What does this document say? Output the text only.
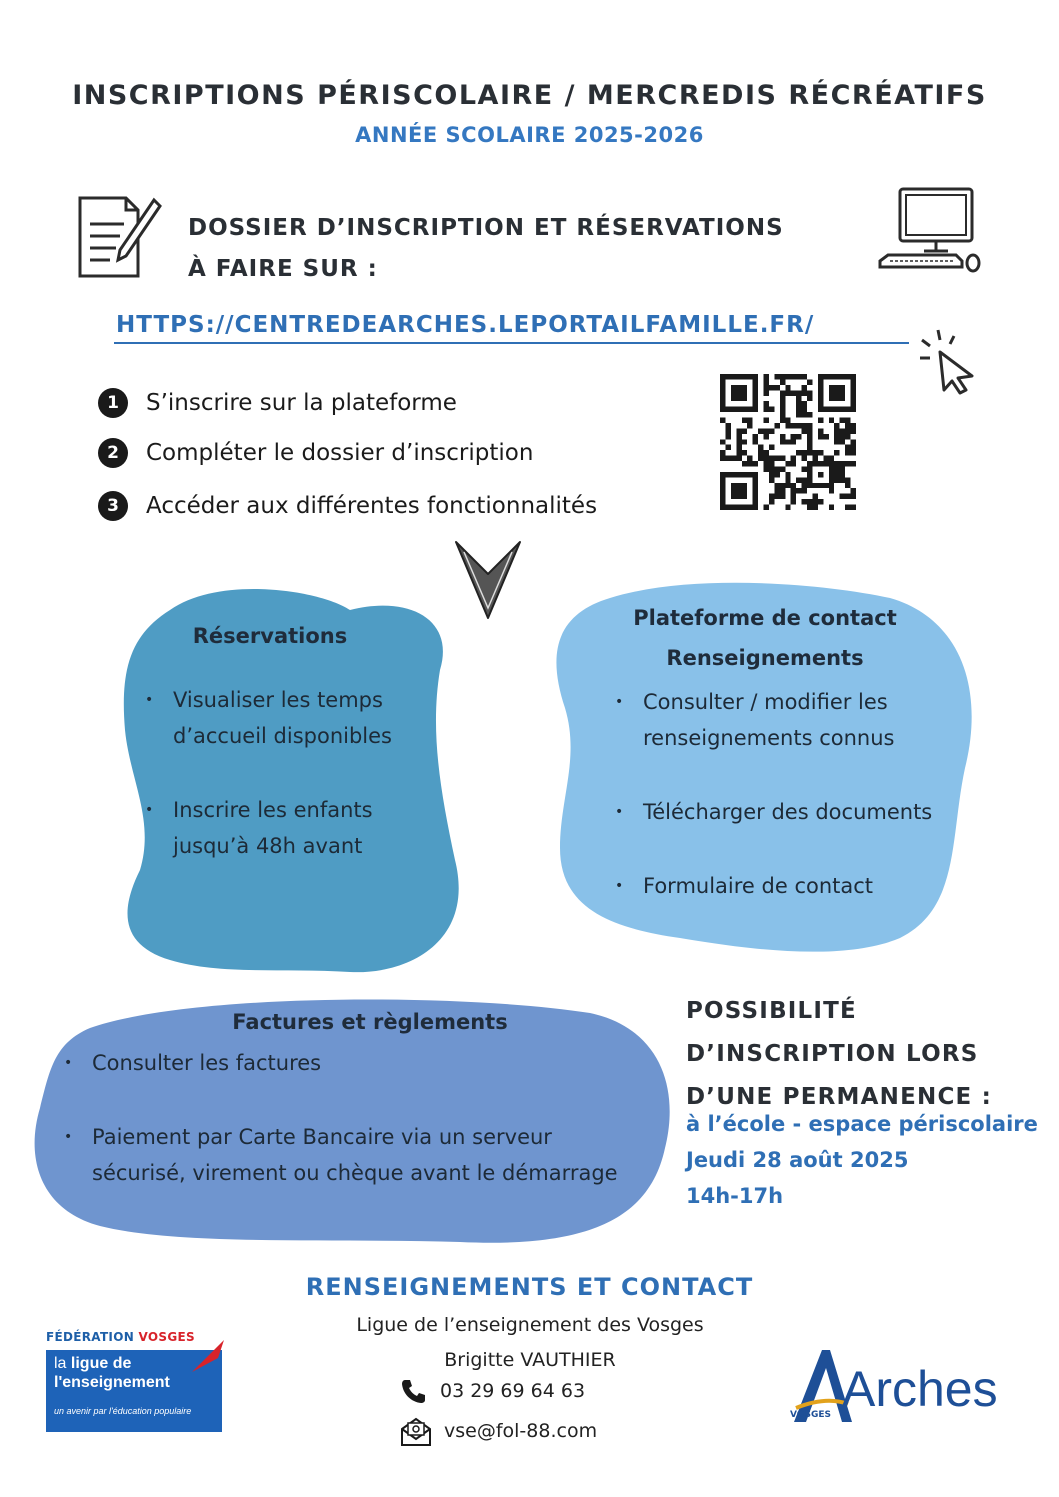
INSCRIPTIONS PÉRISCOLAIRE / MERCREDIS RÉCRÉATIFS
ANNÉE SCOLAIRE 2025-2026
DOSSIER D’INSCRIPTION ET RÉSERVATIONS
À FAIRE SUR :
HTTPS://CENTREDEARCHES.LEPORTAILFAMILLE.FR/
1	S’inscrire sur la plateforme
2	Compléter le dossier d’inscription
3	Accéder aux différentes fonctionnalités
Réservations
• Visualiser les temps d’accueil disponibles
• Inscrire les enfants jusqu’à 48h avant
Plateforme de contact
Renseignements
• Consulter / modifier les renseignements connus
• Télécharger des documents
• Formulaire de contact
Factures et règlements
• Consulter les factures
• Paiement par Carte Bancaire via un serveur sécurisé, virement ou chèque avant le démarrage
POSSIBILITÉ
D’INSCRIPTION LORS
D’UNE PERMANENCE :
à l’école - espace périscolaire
Jeudi 28 août 2025
14h-17h
RENSEIGNEMENTS ET CONTACT
Ligue de l’enseignement des Vosges
Brigitte VAUTHIER
03 29 69 64 63
vse@fol-88.com
FÉDÉRATION VOSGES
la ligue de
l'enseignement
un avenir par l'éducation populaire	Arches
VOSGES
